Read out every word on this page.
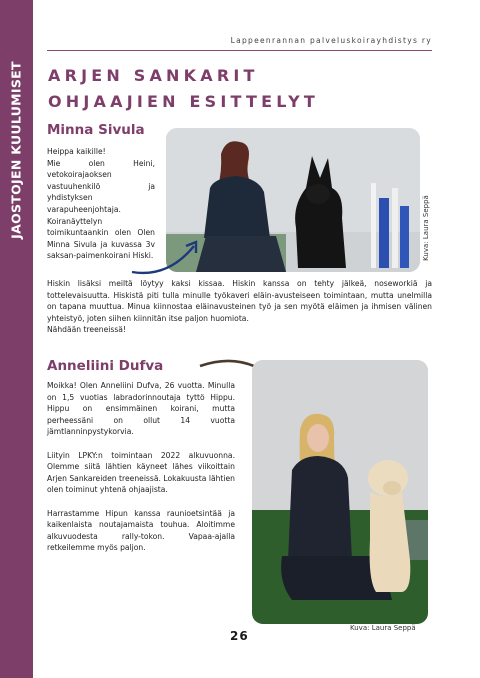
JAOSTOJEN KUULUMISET
Lappeenrannan palveluskoirayhdistys ry
ARJEN SANKARIT
OHJAAJIEN ESITTELYT
Minna Sivula

Heippa kaikille!

Mie olen Heini, vetokoirajaoksen vastuuhenkilö ja yhdistyksen varapuheenjohtaja. Koiranäyttelyn toimikuntaankin olen Olen Minna Sivula ja kuvassa 3v saksan-paimenkoirani Hiski.	Kuva: Laura Seppä

Hiskin lisäksi meiltä löytyy kaksi kissaa. Hiskin kanssa on tehty jälkeä, noseworkiä ja tottelevaisuutta. Hiskistä piti tulla minulle työkaveri eläin-avusteiseen toimintaan, mutta unelmilla on tapana muuttua. Minua kiinnostaa eläinavusteinen työ ja sen myötä eläimen ja ihmisen välinen yhteistyö, joten siihen kiinnitän itse paljon huomiota.

Nähdään treeneissä!

Anneliini Dufva

Moikka! Olen Anneliini Dufva, 26 vuotta. Minulla on 1,5 vuotias labradorinnoutaja tyttö Hippu. Hippu on ensimmäinen koirani, mutta perheessäni on ollut 14 vuotta jämtlanninpystykorvia.

Liityin LPKY:n toimintaan 2022 alkuvuonna. Olemme siitä lähtien käyneet lähes viikoittain Arjen Sankareiden treeneissä. Lokakuusta lähtien olen toiminut yhtenä ohjaajista.

Harrastamme Hipun kanssa raunioetsintää ja kaikenlaista noutajamaista touhua. Aloitimme alkuvuodesta rally-tokon. Vapaa-ajalla retkeilemme myös paljon.

Kuva: Laura Seppä
26
